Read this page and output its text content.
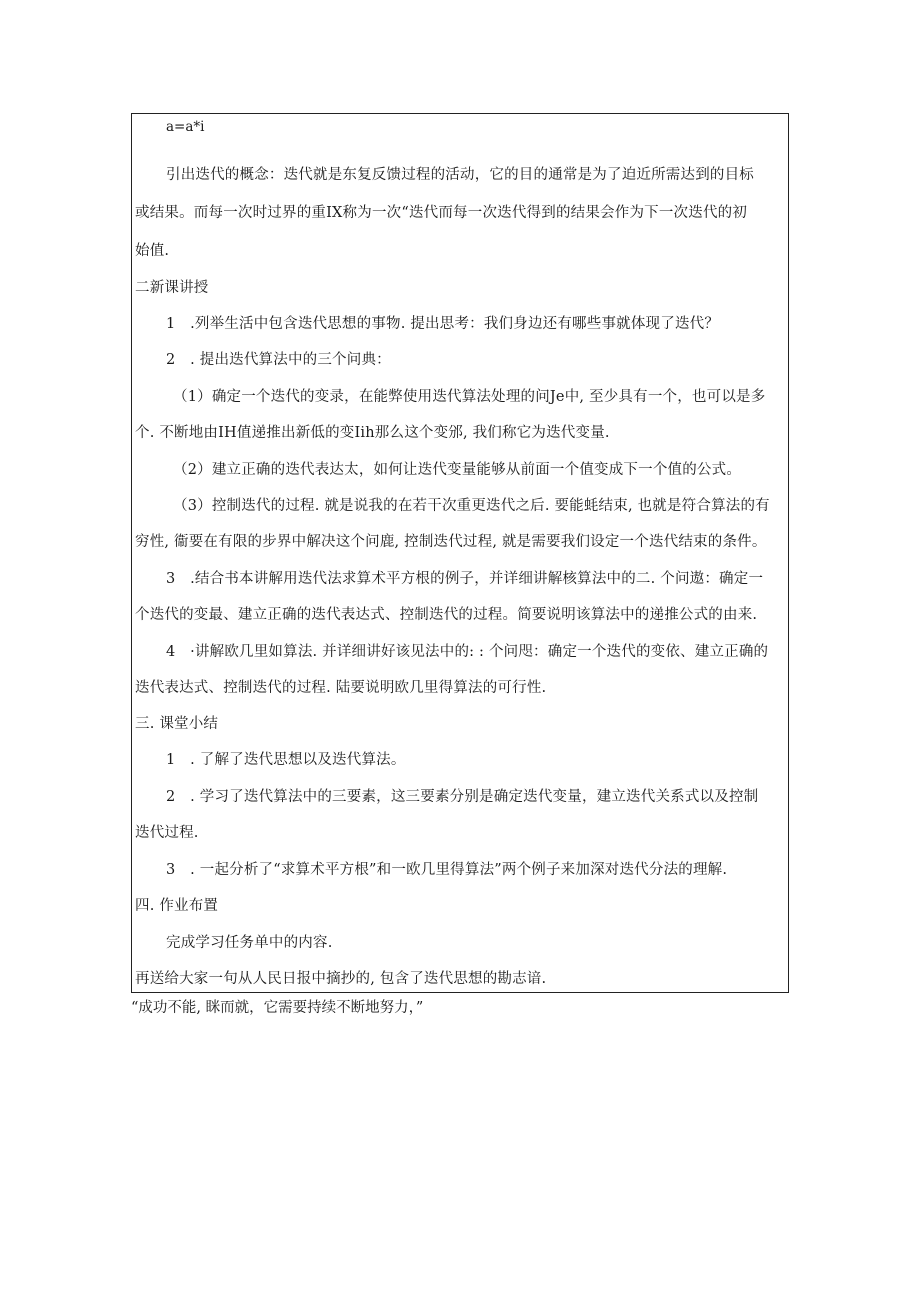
a=a*i
引出迭代的概念：迭代就是东复反馈过程的活动，它的目的通常是为了迫近所需达到的目标
或结果。而每一次时过界的重IX称为一次“迭代而每一次迭代得到的结果会作为下一次迭代的初
始值.
二新课讲授
1　.列举生活中包含迭代思想的事物. 提出思考：我们身边还有哪些事就体现了迭代？
2　. 提出迭代算法中的三个问典：
（1）确定一个迭代的变录，在能弊使用迭代算法处理的问Je中, 至少具有一个，也可以是多
个. 不断地由IH值递推出新低的变Iih那么这个变邠, 我们称它为迭代变量.
（2）建立正确的迭代表达太，如何让迭代变量能够从前面一个值变成下一个值的公式。
（3）控制迭代的过程. 就是说我的在若干次重更迭代之后. 要能蚝结束, 也就是符合算法的有
穷性, 衞要在有限的步界中解决这个问鹿, 控制迭代过程, 就是需要我们设定一个迭代结束的条件。
3　.结合书本讲解用迭代法求算术平方根的例子，并详细讲解核算法中的二. 个问遨：确定一
个迭代的变最、建立正确的迭代表达式、控制迭代的过程。简要说明该算法中的递推公式的由来.
4　·讲解欧几里如算法. 并详细讲好该见法中的: : 个问咫：确定一个迭代的变依、建立正确的
迭代表达式、控制迭代的过程. 陆要说明欧几里得算法的可行性.
三. 课堂小结
1　. 了解了迭代思想以及迭代算法。
2　. 学习了迭代算法中的三要素，这三要素分别是确定迭代变量，建立迭代关系式以及控制
迭代过程.
3　. 一起分析了“求算术平方根”和一欧几里得算法”两个例子来加深对迭代分法的理解.
四. 作业布置
完成学习任务单中的内容.
再送给大家一句从人民日报中摘抄的, 包含了迭代思想的勘志谙.
“成功不能, 眯而就，它需要持续不断地努力，”
